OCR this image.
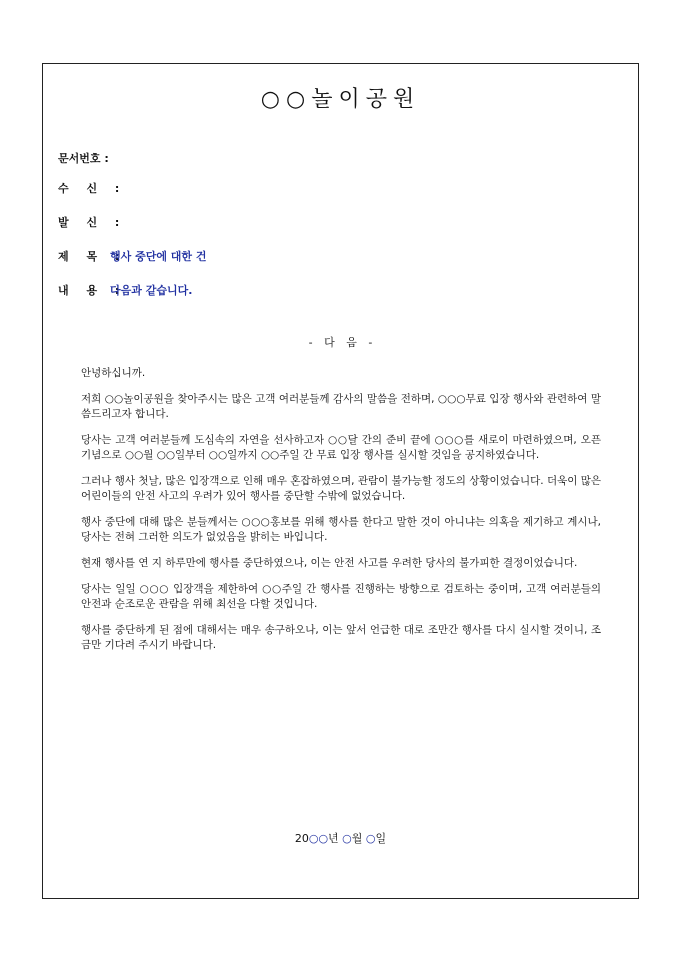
○○놀이공원
문서번호 :
수 신 :
발 신 :
제 목 :행사 중단에 대한 건
내 용 :다음과 같습니다.
- 다 음 -

안녕하십니까.

저희 ○○놀이공원을 찾아주시는 많은 고객 여러분들께 감사의 말씀을 전하며, ○○○무료 입장 행사와 관련하여 말씀드리고자 합니다.

당사는 고객 여러분들께 도심속의 자연을 선사하고자 ○○달 간의 준비 끝에 ○○○를 새로이 마련하였으며, 오픈 기념으로 ○○월 ○○일부터 ○○일까지 ○○주일 간 무료 입장 행사를 실시할 것임을 공지하였습니다.

그러나 행사 첫날, 많은 입장객으로 인해 매우 혼잡하였으며, 관람이 불가능할 정도의 상황이었습니다. 더욱이 많은 어린이들의 안전 사고의 우려가 있어 행사를 중단할 수밖에 없었습니다.

행사 중단에 대해 많은 분들께서는 ○○○홍보를 위해 행사를 한다고 말한 것이 아니냐는 의혹을 제기하고 계시나, 당사는 전혀 그러한 의도가 없었음을 밝히는 바입니다.

현재 행사를 연 지 하루만에 행사를 중단하였으나, 이는 안전 사고를 우려한 당사의 불가피한 결정이었습니다.

당사는 일일 ○○○ 입장객을 제한하여 ○○주일 간 행사를 진행하는 방향으로 검토하는 중이며, 고객 여러분들의 안전과 순조로운 관람을 위해 최선을 다할 것입니다.

행사를 중단하게 된 점에 대해서는 매우 송구하오나, 이는 앞서 언급한 대로 조만간 행사를 다시 실시할 것이니, 조금만 기다려 주시기 바랍니다.

20○○년 ○월 ○일
